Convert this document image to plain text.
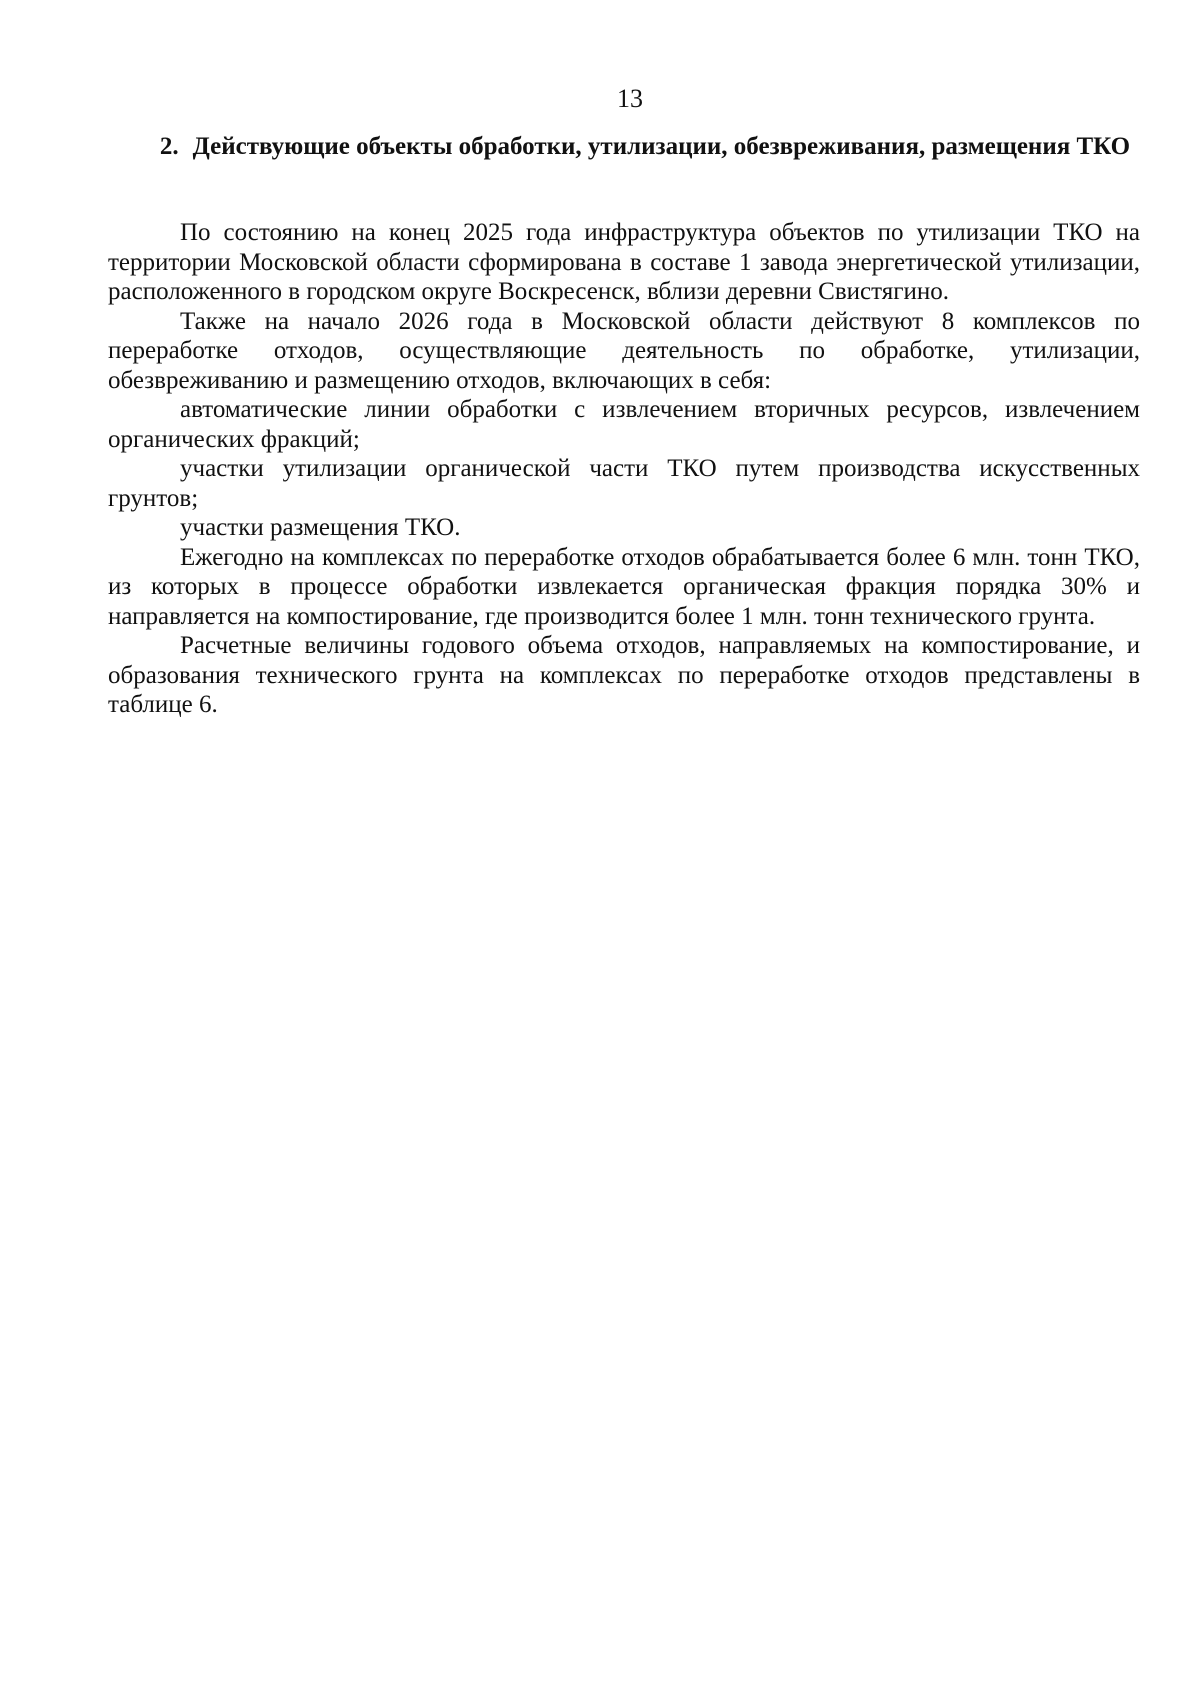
13
2. Действующие объекты обработки, утилизации, обезвреживания, размещения ТКО

По состоянию на конец 2025 года инфраструктура объектов по утилизации ТКО на территории Московской области сформирована в составе 1 завода энергетической утилизации, расположенного в городском округе Воскресенск, вблизи деревни Свистягино.

Также на начало 2026 года в Московской области действуют 8 комплексов по переработке отходов, осуществляющие деятельность по обработке, утилизации, обезвреживанию и размещению отходов, включающих в себя:

автоматические линии обработки с извлечением вторичных ресурсов, извлечением органических фракций;

участки утилизации органической части ТКО путем производства искусственных грунтов;

участки размещения ТКО.

Ежегодно на комплексах по переработке отходов обрабатывается более 6 млн. тонн ТКО, из которых в процессе обработки извлекается органическая фракция порядка 30% и направляется на компостирование, где производится более 1 млн. тонн технического грунта.

Расчетные величины годового объема отходов, направляемых на компостирование, и образования технического грунта на комплексах по переработке отходов представлены в таблице 6.
